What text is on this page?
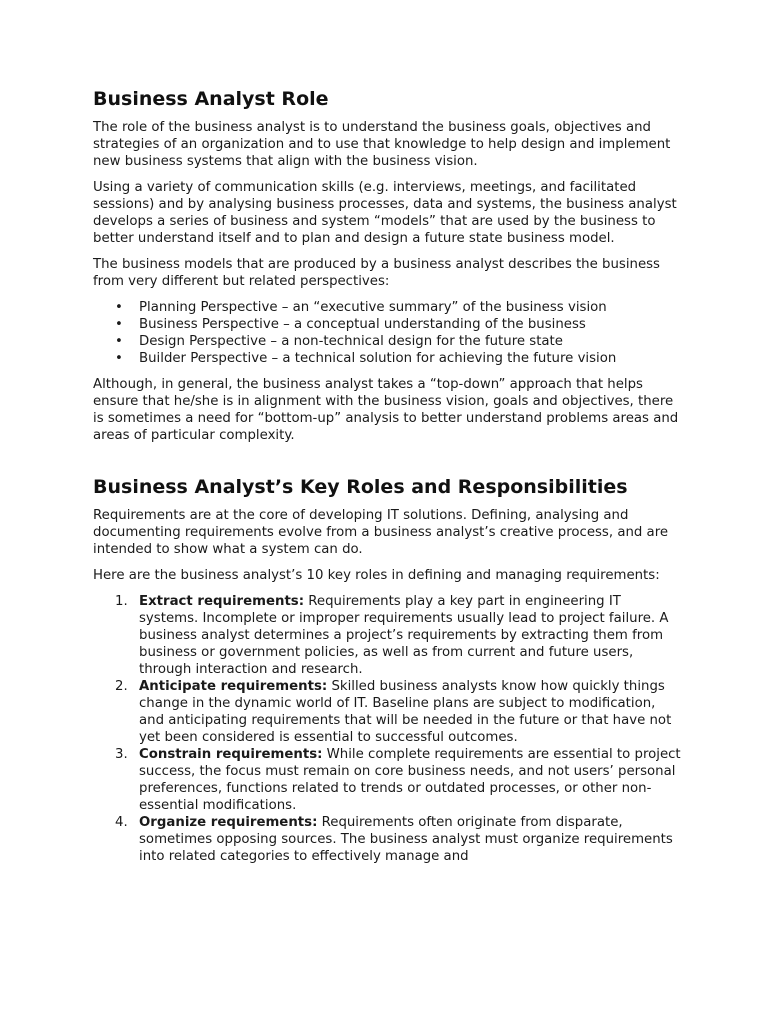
Business Analyst Role

The role of the business analyst is to understand the business goals, objectives and strategies of an organization and to use that knowledge to help design and implement new business systems that align with the business vision.

Using a variety of communication skills (e.g. interviews, meetings, and facilitated sessions) and by analysing business processes, data and systems, the business analyst develops a series of business and system “models” that are used by the business to better understand itself and to plan and design a future state business model.

The business models that are produced by a business analyst describes the business from very different but related perspectives:

• Planning Perspective – an “executive summary” of the business vision
• Business Perspective – a conceptual understanding of the business
• Design Perspective – a non-technical design for the future state
• Builder Perspective – a technical solution for achieving the future vision

Although, in general, the business analyst takes a “top-down” approach that helps ensure that he/she is in alignment with the business vision, goals and objectives, there is sometimes a need for “bottom-up” analysis to better understand problems areas and areas of particular complexity.

Business Analyst’s Key Roles and Responsibilities

Requirements are at the core of developing IT solutions. Defining, analysing and documenting requirements evolve from a business analyst’s creative process, and are intended to show what a system can do.

Here are the business analyst’s 10 key roles in defining and managing requirements:

1. Extract requirements: Requirements play a key part in engineering IT systems. Incomplete or improper requirements usually lead to project failure. A business analyst determines a project’s requirements by extracting them from business or government policies, as well as from current and future users, through interaction and research.
2. Anticipate requirements: Skilled business analysts know how quickly things change in the dynamic world of IT. Baseline plans are subject to modification, and anticipating requirements that will be needed in the future or that have not yet been considered is essential to successful outcomes.
3. Constrain requirements: While complete requirements are essential to project success, the focus must remain on core business needs, and not users’ personal preferences, functions related to trends or outdated processes, or other non-essential modifications.
4. Organize requirements: Requirements often originate from disparate, sometimes opposing sources. The business analyst must organize requirements into related categories to effectively manage and
